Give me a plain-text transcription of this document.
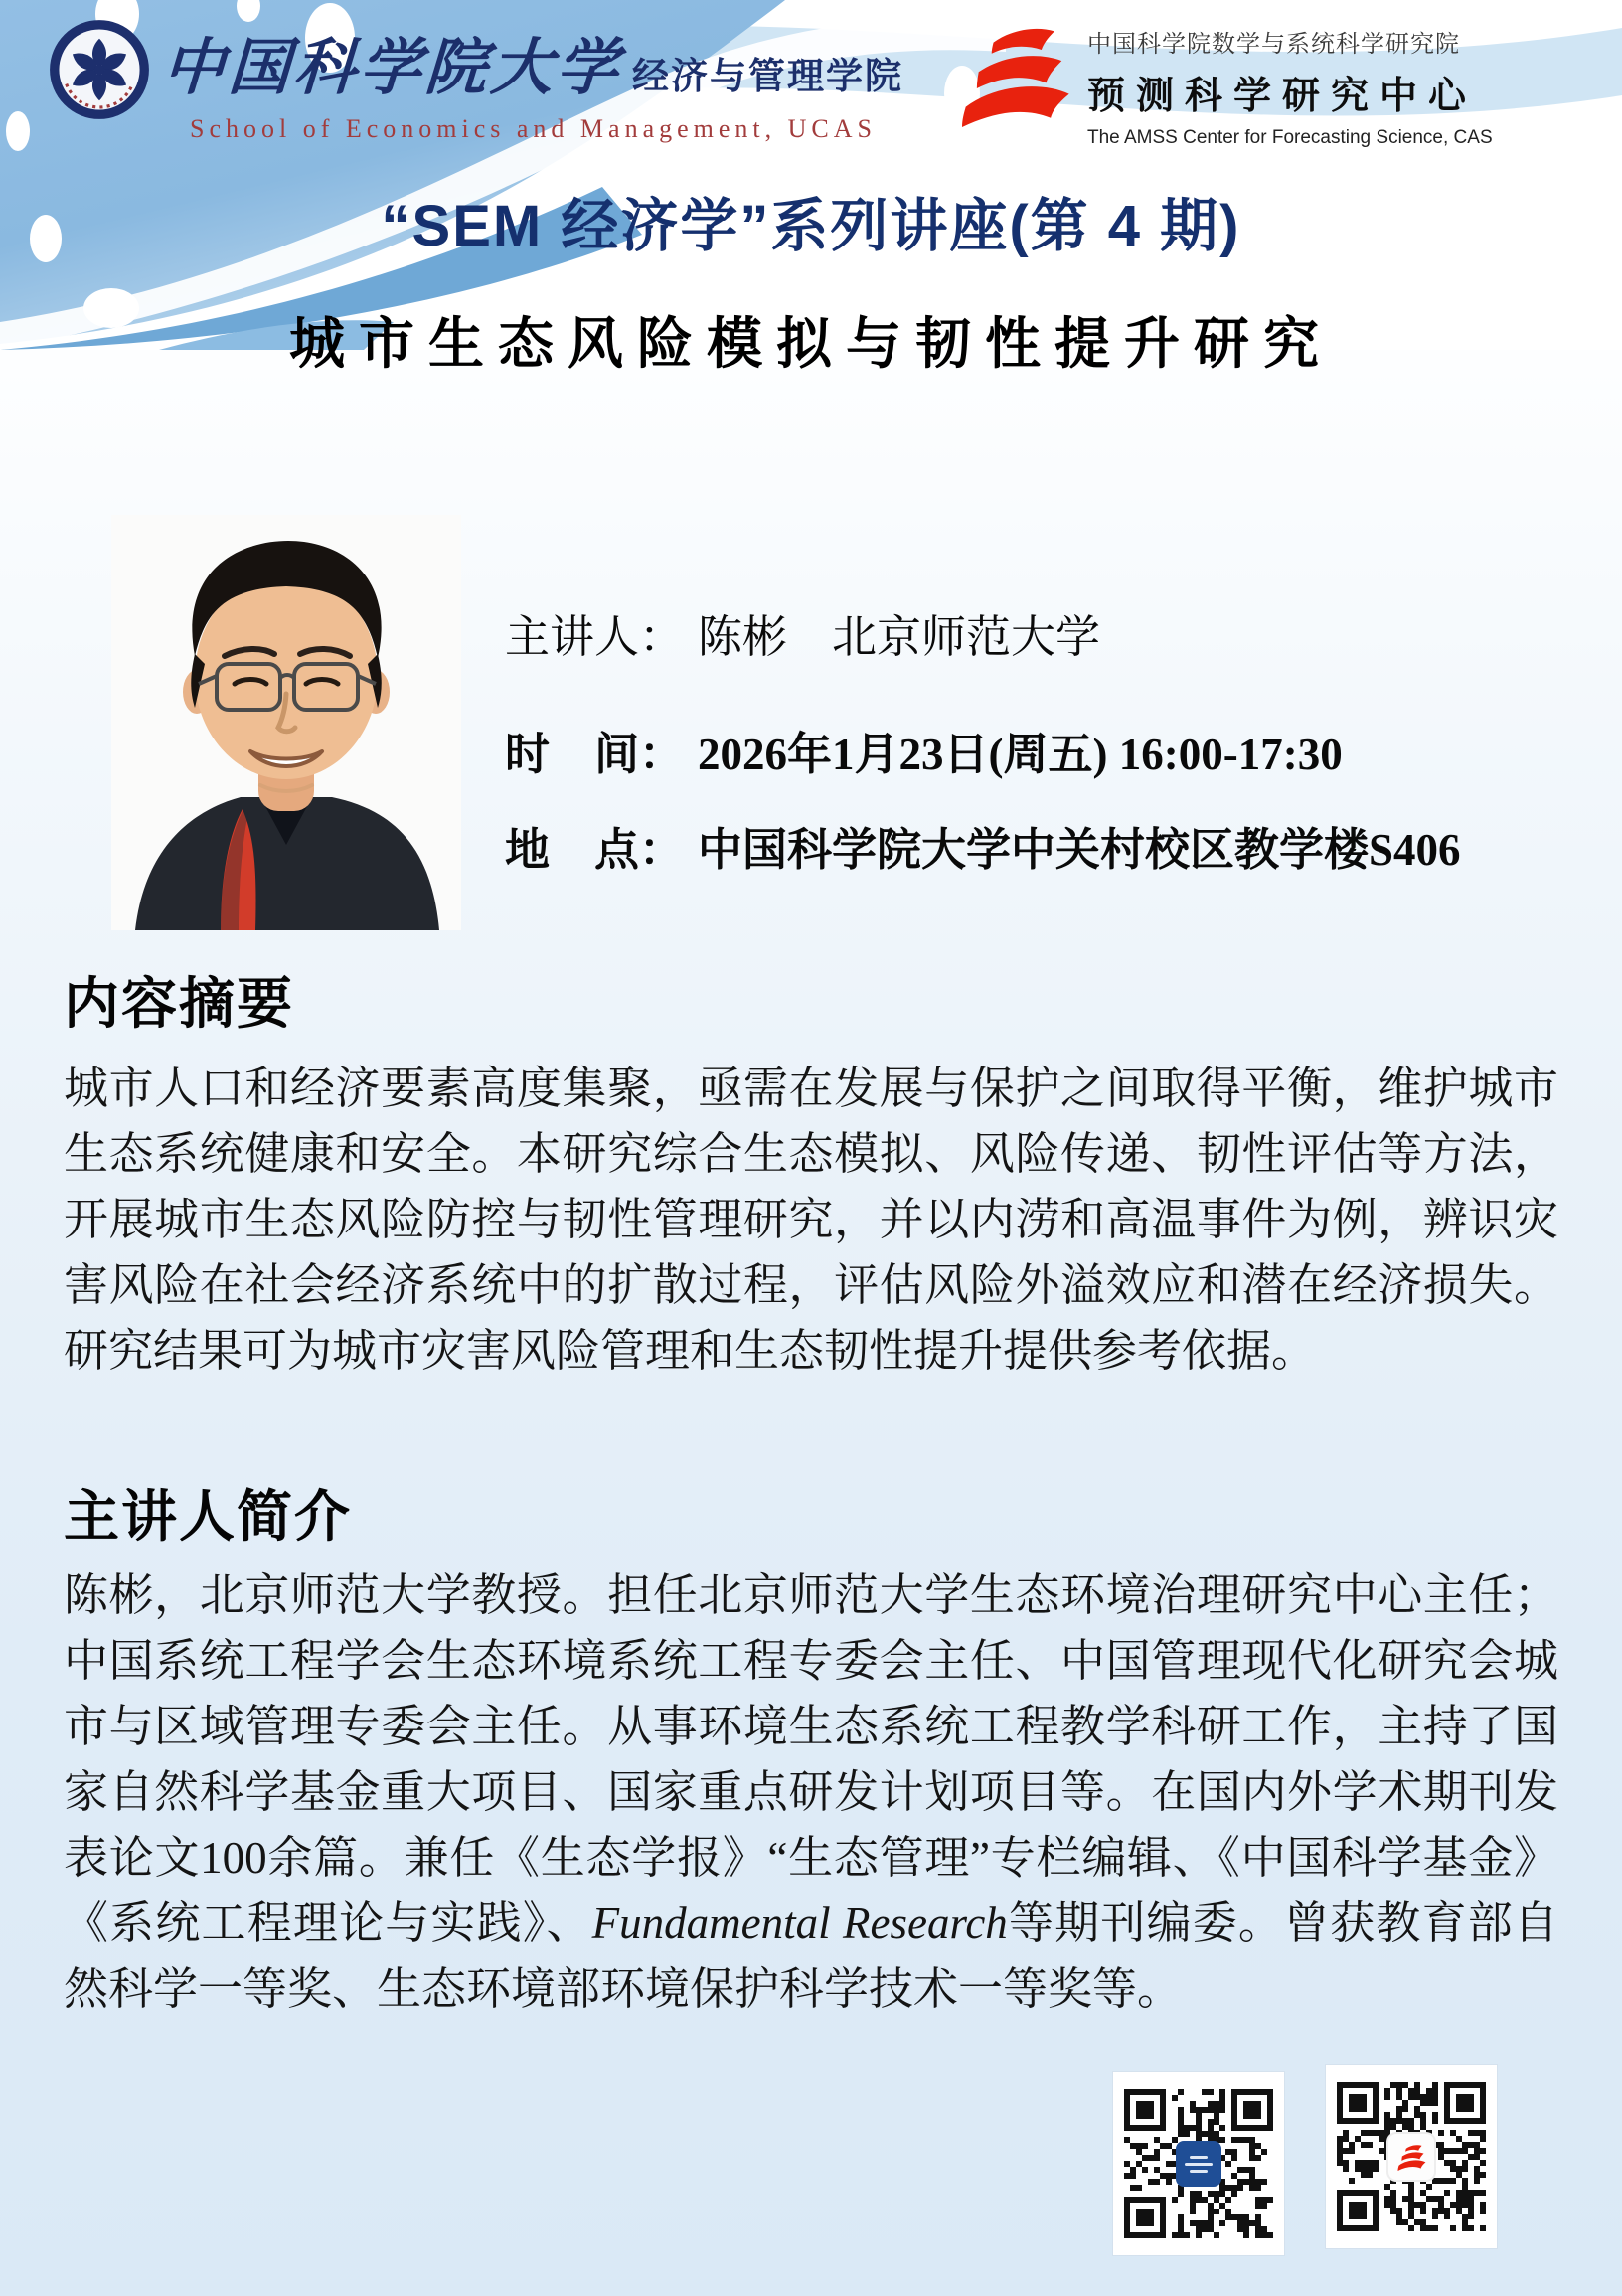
中国科学院大学 经济与管理学院
School of Economics and Management, UCAS
中国科学院数学与系统科学研究院
预测科学研究中心
The AMSS Center for Forecasting Science, CAS
“SEM 经济学”系列讲座(第 4 期)
城市生态风险模拟与韧性提升研究
主讲人： 陈彬　北京师范大学
时　间： 2026年1月23日(周五) 16:00-17:30
地　点： 中国科学院大学中关村校区教学楼S406
内容摘要
城市人口和经济要素高度集聚，亟需在发展与保护之间取得平衡，维护城市生态系统健康和安全。本研究综合生态模拟、风险传递、韧性评估等方法，开展城市生态风险防控与韧性管理研究，并以内涝和高温事件为例，辨识灾害风险在社会经济系统中的扩散过程，评估风险外溢效应和潜在经济损失。研究结果可为城市灾害风险管理和生态韧性提升提供参考依据。
主讲人简介
陈彬，北京师范大学教授。担任北京师范大学生态环境治理研究中心主任；中国系统工程学会生态环境系统工程专委会主任、中国管理现代化研究会城市与区域管理专委会主任。从事环境生态系统工程教学科研工作，主持了国家自然科学基金重大项目、国家重点研发计划项目等。在国内外学术期刊发表论文100余篇。兼任《生态学报》“生态管理”专栏编辑、《中国科学基金》《系统工程理论与实践》、Fundamental Research等期刊编委。曾获教育部自然科学一等奖、生态环境部环境保护科学技术一等奖等。
